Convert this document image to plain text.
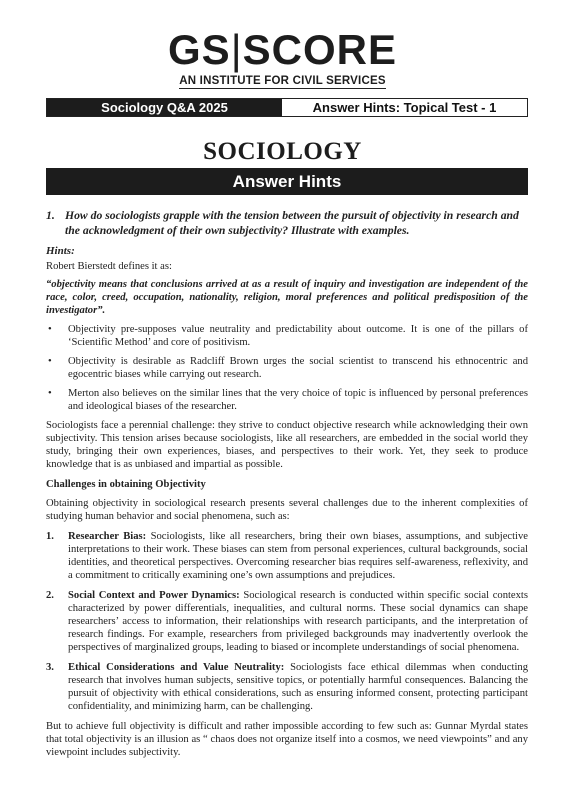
GS|SCORE
AN INSTITUTE FOR CIVIL SERVICES
Sociology Q&A 2025	Answer Hints: Topical Test - 1
SOCIOLOGY
Answer Hints
1. How do sociologists grapple with the tension between the pursuit of objectivity in research and the acknowledgment of their own subjectivity? Illustrate with examples.
Hints:

Robert Bierstedt defines it as:

“objectivity means that conclusions arrived at as a result of inquiry and investigation are independent of the race, color, creed, occupation, nationality, religion, moral preferences and political predisposition of the investigator”.

• Objectivity pre-supposes value neutrality and predictability about outcome. It is one of the pillars of ‘Scientific Method’ and core of positivism.
• Objectivity is desirable as Radcliff Brown urges the social scientist to transcend his ethnocentric and egocentric biases while carrying out research.
• Merton also believes on the similar lines that the very choice of topic is influenced by personal preferences and ideological biases of the researcher.

Sociologists face a perennial challenge: they strive to conduct objective research while acknowledging their own subjectivity. This tension arises because sociologists, like all researchers, are embedded in the social world they study, bringing their own experiences, biases, and perspectives to their work. Yet, they seek to produce knowledge that is as unbiased and impartial as possible.

Challenges in obtaining Objectivity

Obtaining objectivity in sociological research presents several challenges due to the inherent complexities of studying human behavior and social phenomena, such as:

1.	Researcher Bias: Sociologists, like all researchers, bring their own biases, assumptions, and subjective interpretations to their work. These biases can stem from personal experiences, cultural backgrounds, social identities, and theoretical perspectives. Overcoming researcher bias requires self-awareness, reflexivity, and a commitment to critically examining one’s own assumptions and prejudices.
2.	Social Context and Power Dynamics: Sociological research is conducted within specific social contexts characterized by power differentials, inequalities, and cultural norms. These social dynamics can shape researchers’ access to information, their relationships with research participants, and the interpretation of research findings. For example, researchers from privileged backgrounds may inadvertently overlook the perspectives of marginalized groups, leading to biased or incomplete understandings of social phenomena.
3.	Ethical Considerations and Value Neutrality: Sociologists face ethical dilemmas when conducting research that involves human subjects, sensitive topics, or potentially harmful consequences. Balancing the pursuit of objectivity with ethical considerations, such as ensuring informed consent, protecting participant confidentiality, and minimizing harm, can be challenging.

But to achieve full objectivity is difficult and rather impossible according to few such as: Gunnar Myrdal states that total objectivity is an illusion as “ chaos does not organize itself into a cosmos, we need viewpoints” and any viewpoint includes subjectivity.
